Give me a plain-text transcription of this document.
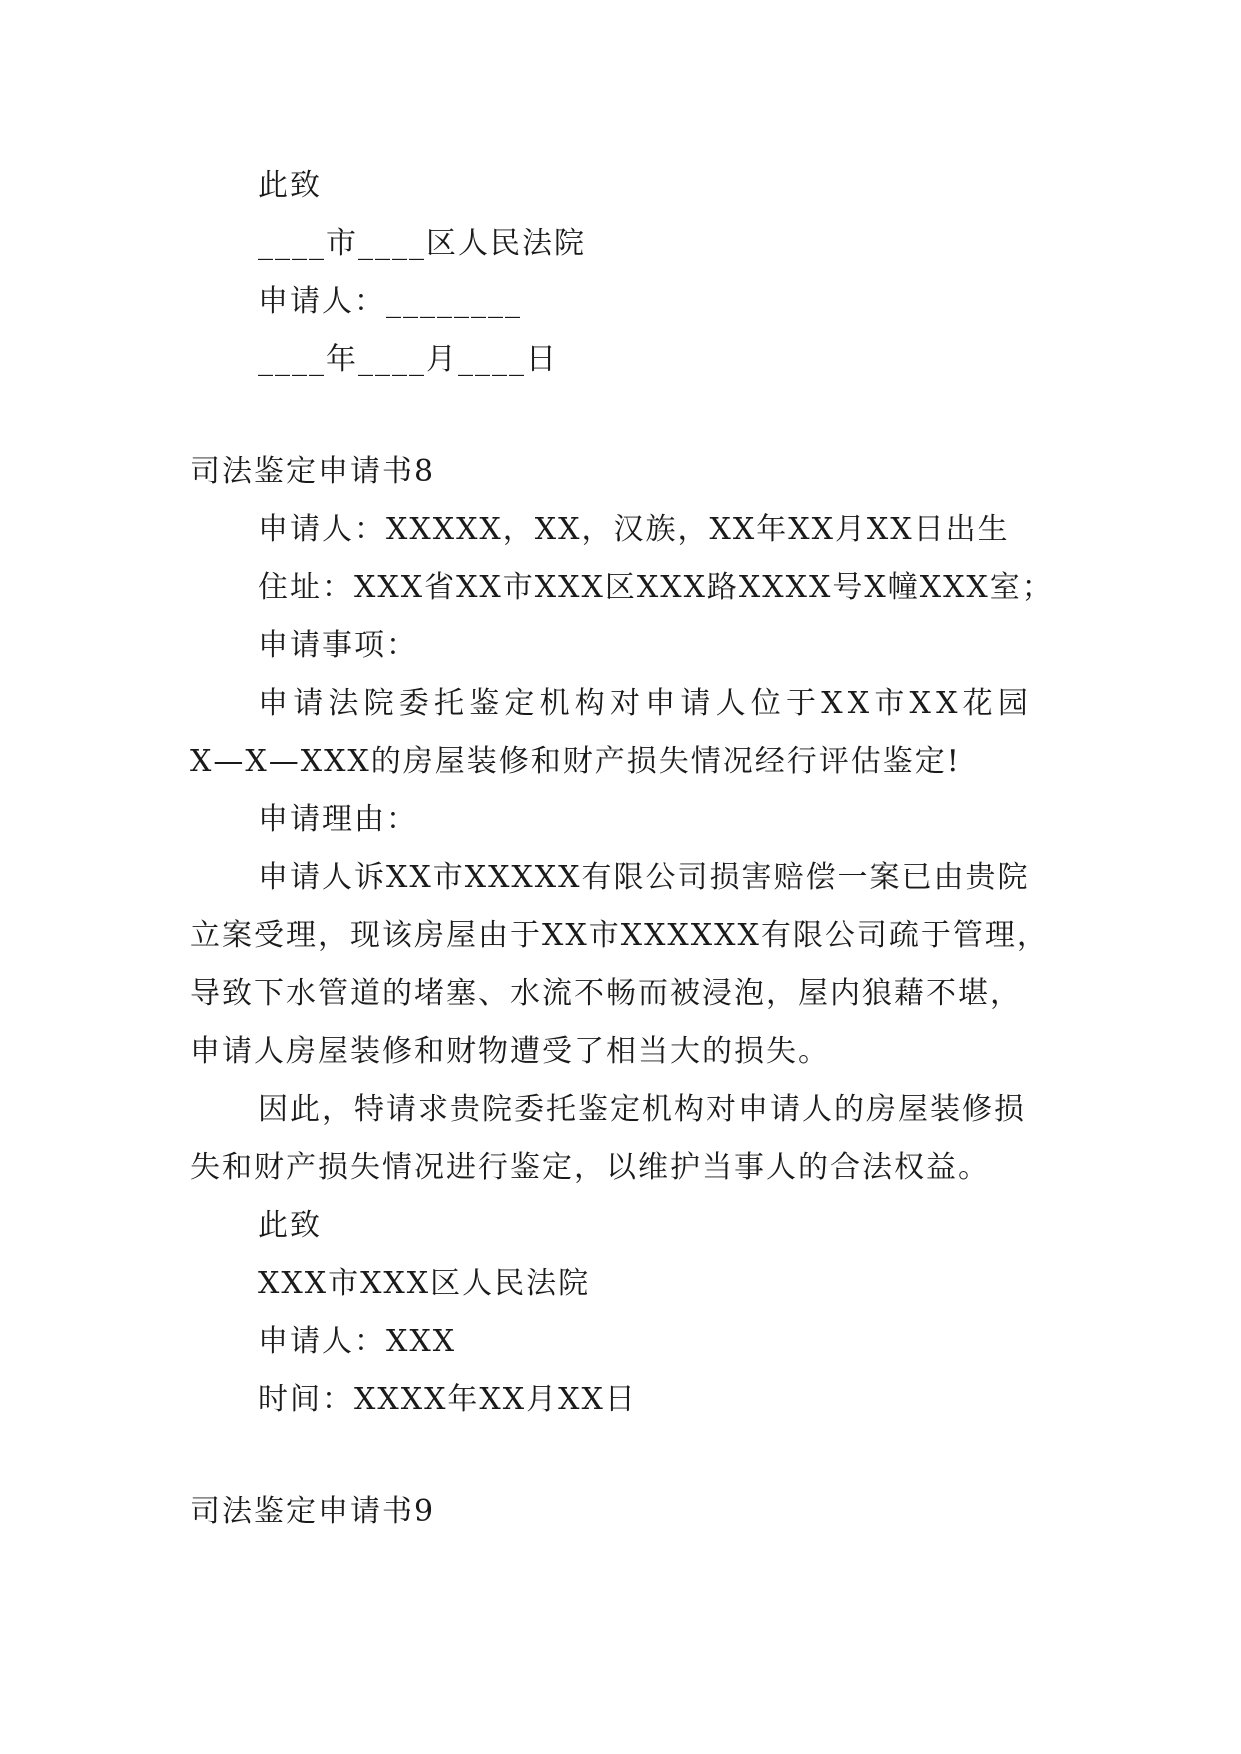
此致
____市____区人民法院
申请人：________
____年____月____日
司法鉴定申请书8
申请人：XXXXX，XX，汉族，XX年XX月XX日出生
住址：XXX省XX市XXX区XXX路XXXX号X幢XXX室；
申请事项：
申请法院委托鉴定机构对申请人位于XX市XX花园
X—X—XXX的房屋装修和财产损失情况经行评估鉴定!
申请理由：
申请人诉XX市XXXXX有限公司损害赔偿一案已由贵院
立案受理，现该房屋由于XX市XXXXXX有限公司疏于管理，
导致下水管道的堵塞、水流不畅而被浸泡，屋内狼藉不堪，
申请人房屋装修和财物遭受了相当大的损失。
因此，特请求贵院委托鉴定机构对申请人的房屋装修损
失和财产损失情况进行鉴定，以维护当事人的合法权益。
此致
XXX市XXX区人民法院
申请人：XXX
时间：XXXX年XX月XX日
司法鉴定申请书9
